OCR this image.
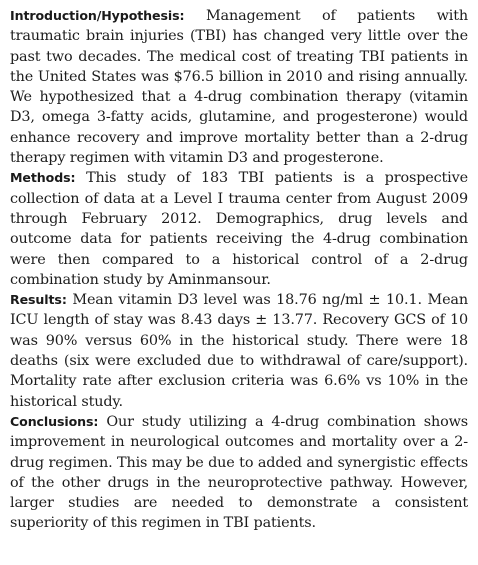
Introduction/Hypothesis: Management of patients with traumatic brain injuries (TBI) has changed very little over the past two decades. The medical cost of treating TBI patients in the United States was $76.5 billion in 2010 and rising annually. We hypothesized that a 4-drug combination therapy (vitamin D3, omega 3-fatty acids, glutamine, and progesterone) would enhance recovery and improve mortality better than a 2-drug therapy regimen with vitamin D3 and progesterone.

Methods: This study of 183 TBI patients is a prospective collection of data at a Level I trauma center from August 2009 through February 2012. Demographics, drug levels and outcome data for patients receiving the 4-drug combination were then compared to a historical control of a 2-drug combination study by Aminmansour.

Results: Mean vitamin D3 level was 18.76 ng/ml ± 10.1. Mean ICU length of stay was 8.43 days ± 13.77. Recovery GCS of 10 was 90% versus 60% in the historical study. There were 18 deaths (six were excluded due to withdrawal of care/support). Mortality rate after exclusion criteria was 6.6% vs 10% in the historical study.

Conclusions: Our study utilizing a 4-drug combination shows improvement in neurological outcomes and mortality over a 2-drug regimen. This may be due to added and synergistic effects of the other drugs in the neuroprotective pathway. However, larger studies are needed to demonstrate a consistent superiority of this regimen in TBI patients.
